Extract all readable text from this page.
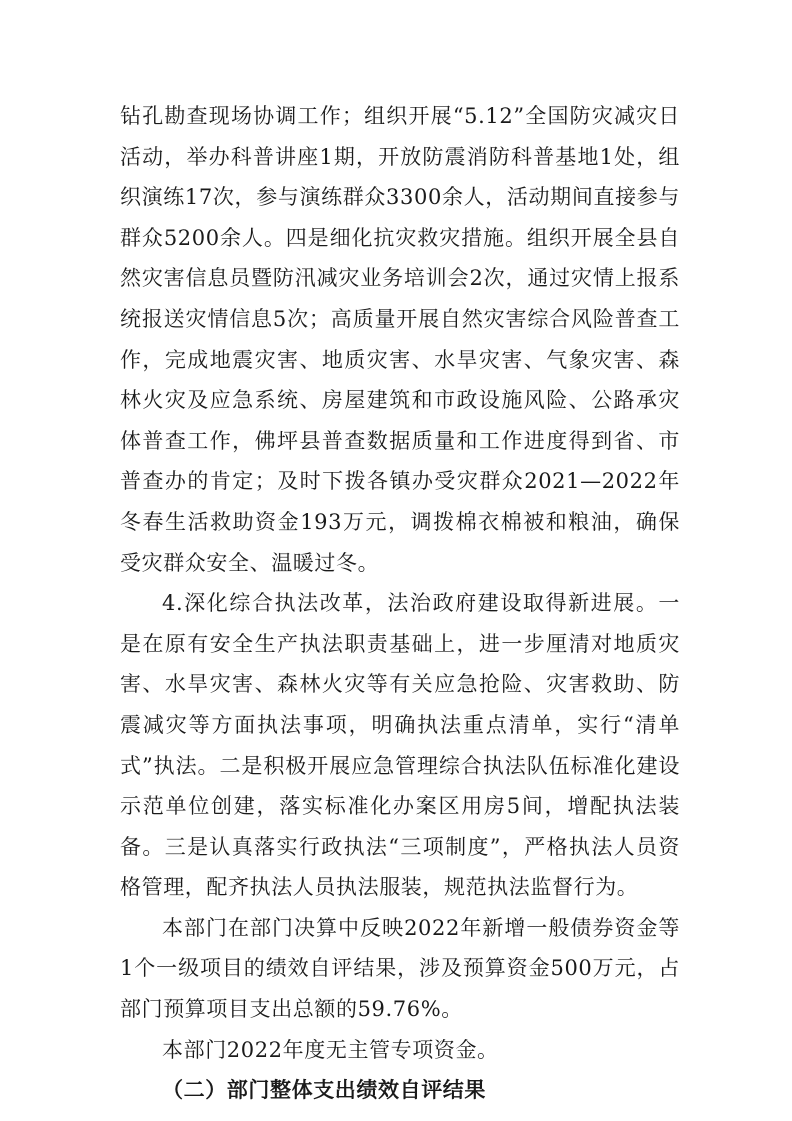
钻孔勘查现场协调工作；组织开展“5.12”全国防灾减灾日活动，举办科普讲座1期，开放防震消防科普基地1处，组织演练17次，参与演练群众3300余人，活动期间直接参与群众5200余人。四是细化抗灾救灾措施。组织开展全县自然灾害信息员暨防汛减灾业务培训会2次，通过灾情上报系统报送灾情信息5次；高质量开展自然灾害综合风险普查工作，完成地震灾害、地质灾害、水旱灾害、气象灾害、森林火灾及应急系统、房屋建筑和市政设施风险、公路承灾体普查工作，佛坪县普查数据质量和工作进度得到省、市普查办的肯定；及时下拨各镇办受灾群众2021—2022年冬春生活救助资金193万元，调拨棉衣棉被和粮油，确保受灾群众安全、温暖过冬。

4.深化综合执法改革，法治政府建设取得新进展。一是在原有安全生产执法职责基础上，进一步厘清对地质灾害、水旱灾害、森林火灾等有关应急抢险、灾害救助、防震减灾等方面执法事项，明确执法重点清单，实行“清单式”执法。二是积极开展应急管理综合执法队伍标准化建设示范单位创建，落实标准化办案区用房5间，增配执法装备。三是认真落实行政执法“三项制度”，严格执法人员资格管理，配齐执法人员执法服装，规范执法监督行为。

本部门在部门决算中反映2022年新增一般债券资金等1个一级项目的绩效自评结果，涉及预算资金500万元，占部门预算项目支出总额的59.76%。

本部门2022年度无主管专项资金。

（二）部门整体支出绩效自评结果
